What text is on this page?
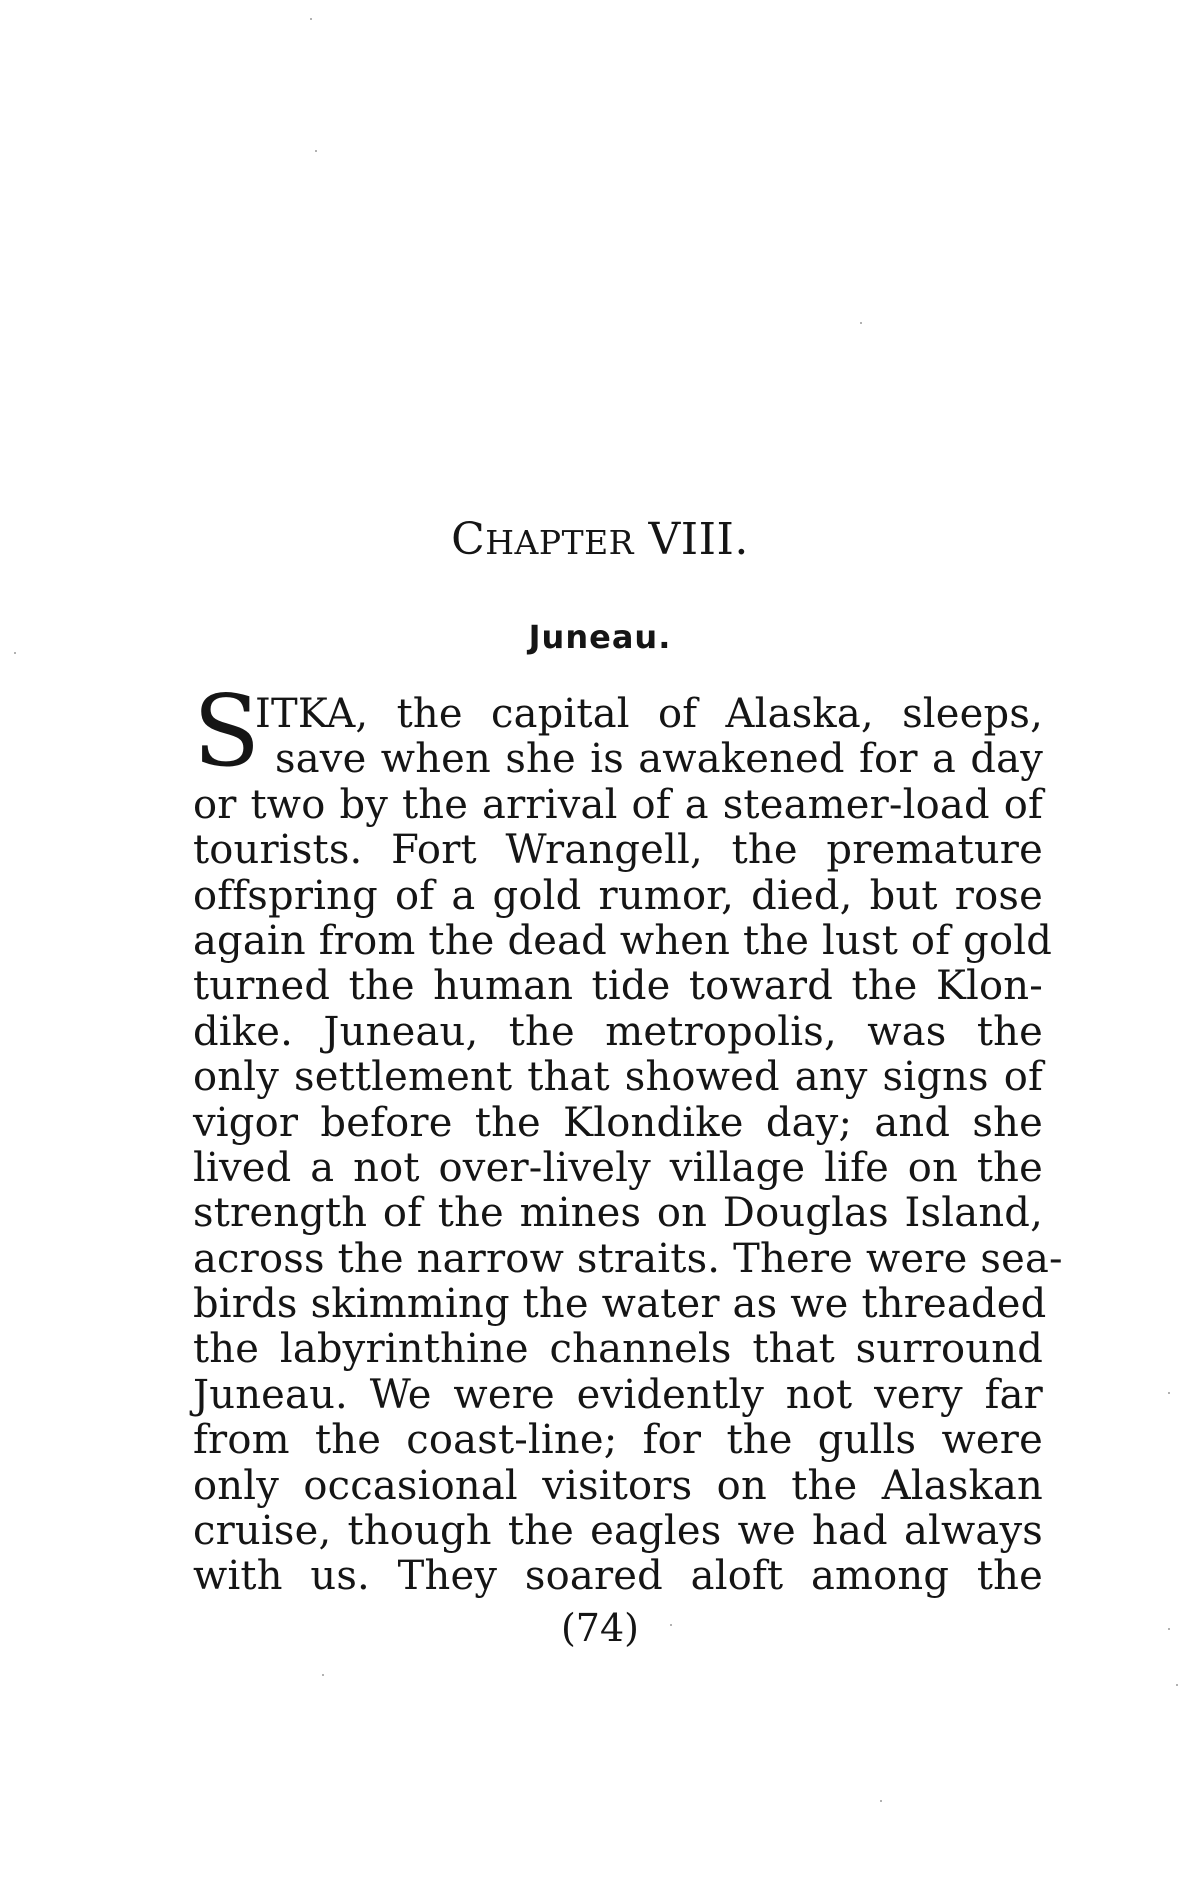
CHAPTER VIII.
Juneau.
S
ITKA, the capital of Alaska, sleeps,
save when she is awakened for a day
or two by the arrival of a steamer-load of
tourists. Fort Wrangell, the premature
offspring of a gold rumor, died, but rose
again from the dead when the lust of gold
turned the human tide toward the Klon-
dike. Juneau, the metropolis, was the
only settlement that showed any signs of
vigor before the Klondike day; and she
lived a not over-lively village life on the
strength of the mines on Douglas Island,
across the narrow straits. There were sea-
birds skimming the water as we threaded
the labyrinthine channels that surround
Juneau. We were evidently not very far
from the coast-line; for the gulls were
only occasional visitors on the Alaskan
cruise, though the eagles we had always
with us. They soared aloft among the

(74)
